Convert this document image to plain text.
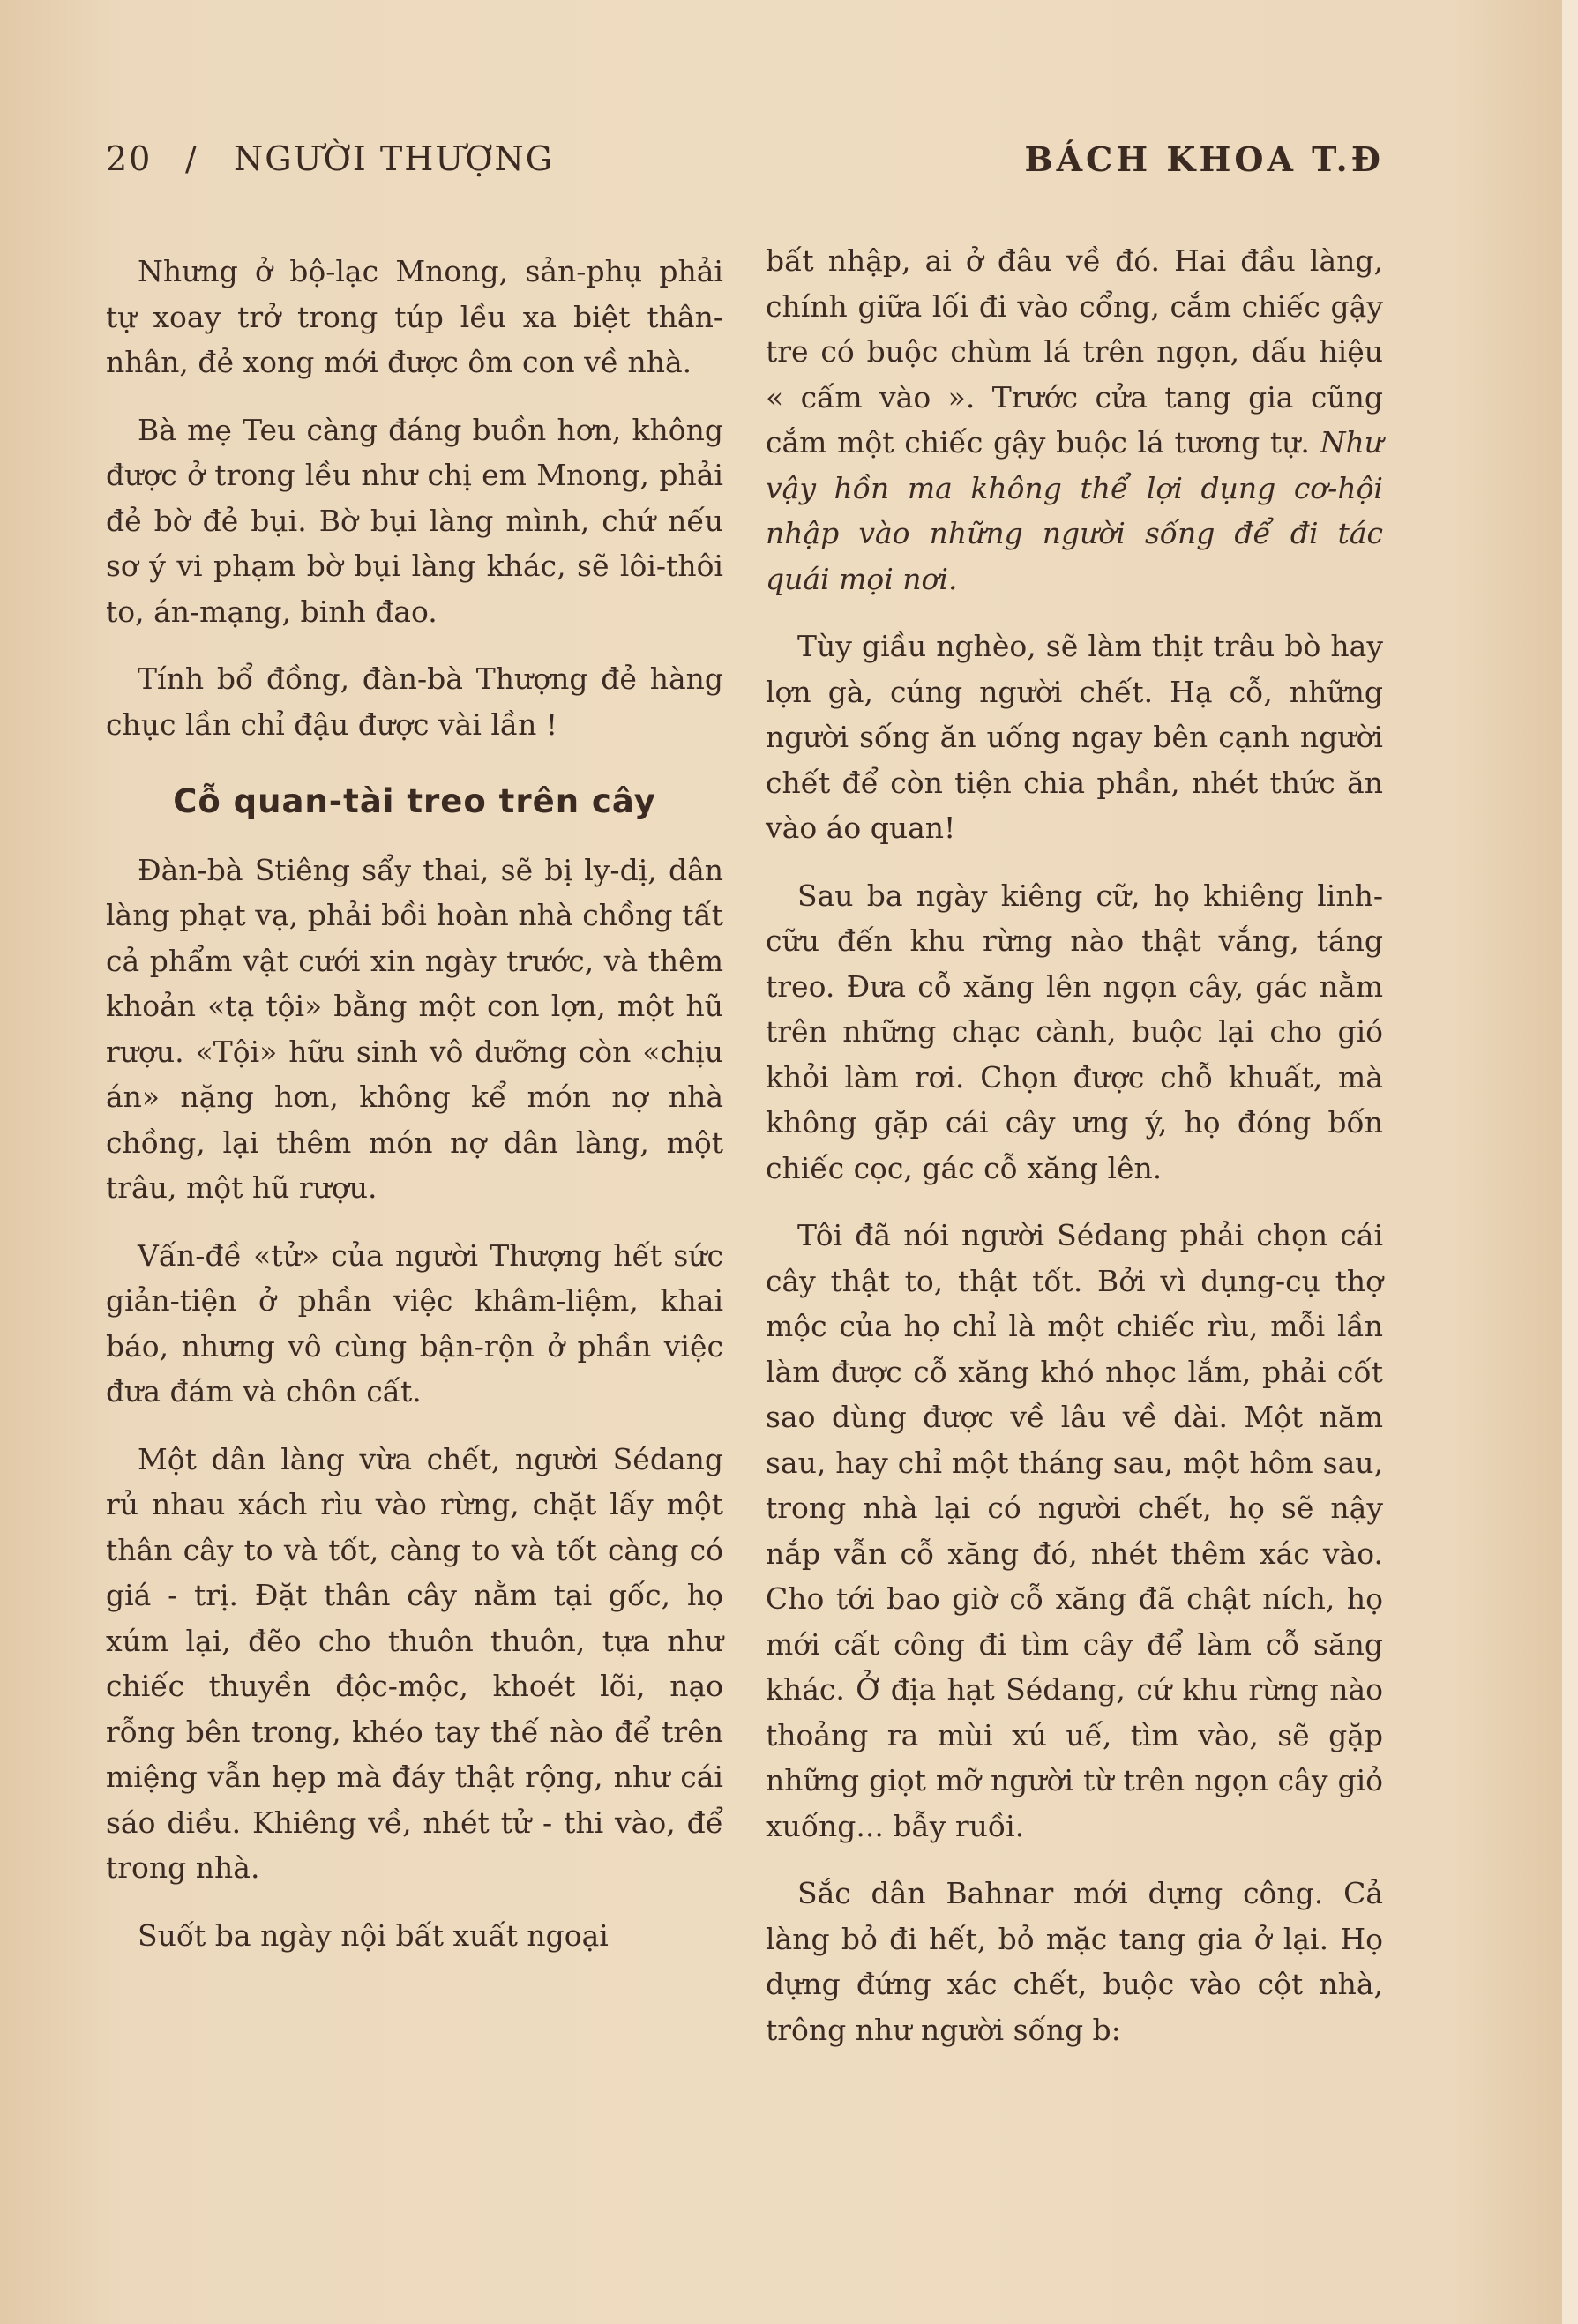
20 / NGƯỜI THƯỢNG	BÁCH KHOA T.Đ

Nhưng ở bộ-lạc Mnong, sản-phụ phải tự xoay trở trong túp lều xa biệt thân-nhân, đẻ xong mới được ôm con về nhà.

Bà mẹ Teu càng đáng buồn hơn, không được ở trong lều như chị em Mnong, phải đẻ bờ đẻ bụi. Bờ bụi làng mình, chứ nếu sơ ý vi phạm bờ bụi làng khác, sẽ lôi-thôi to, án-mạng, binh đao.

Tính bổ đồng, đàn-bà Thượng đẻ hàng chục lần chỉ đậu được vài lần !

Cỗ quan-tài treo trên cây

Đàn-bà Stiêng sẩy thai, sẽ bị ly-dị, dân làng phạt vạ, phải bồi hoàn nhà chồng tất cả phẩm vật cưới xin ngày trước, và thêm khoản «tạ tội» bằng một con lợn, một hũ rượu. «Tội» hữu sinh vô dưỡng còn «chịu án» nặng hơn, không kể món nợ nhà chồng, lại thêm món nợ dân làng, một trâu, một hũ rượu.

Vấn-đề «tử» của người Thượng hết sức giản-tiện ở phần việc khâm-liệm, khai báo, nhưng vô cùng bận-rộn ở phần việc đưa đám và chôn cất.

Một dân làng vừa chết, người Sédang rủ nhau xách rìu vào rừng, chặt lấy một thân cây to và tốt, càng to và tốt càng có giá - trị. Đặt thân cây nằm tại gốc, họ xúm lại, đẽo cho thuôn thuôn, tựa như chiếc thuyền độc-mộc, khoét lõi, nạo rỗng bên trong, khéo tay thế nào để trên miệng vẫn hẹp mà đáy thật rộng, như cái sáo diều. Khiêng về, nhét tử - thi vào, để trong nhà.

Suốt ba ngày nội bất xuất ngoại

bất nhập, ai ở đâu về đó. Hai đầu làng, chính giữa lối đi vào cổng, cắm chiếc gậy tre có buộc chùm lá trên ngọn, dấu hiệu « cấm vào ». Trước cửa tang gia cũng cắm một chiếc gậy buộc lá tương tự. Như vậy hồn ma không thể lợi dụng cơ-hội nhập vào những người sống để đi tác quái mọi nơi.

Tùy giầu nghèo, sẽ làm thịt trâu bò hay lợn gà, cúng người chết. Hạ cỗ, những người sống ăn uống ngay bên cạnh người chết để còn tiện chia phần, nhét thức ăn vào áo quan!

Sau ba ngày kiêng cữ, họ khiêng linh-cữu đến khu rừng nào thật vắng, táng treo. Đưa cỗ xăng lên ngọn cây, gác nằm trên những chạc cành, buộc lại cho gió khỏi làm rơi. Chọn được chỗ khuất, mà không gặp cái cây ưng ý, họ đóng bốn chiếc cọc, gác cỗ xăng lên.

Tôi đã nói người Sédang phải chọn cái cây thật to, thật tốt. Bởi vì dụng-cụ thợ mộc của họ chỉ là một chiếc rìu, mỗi lần làm được cỗ xăng khó nhọc lắm, phải cốt sao dùng được về lâu về dài. Một năm sau, hay chỉ một tháng sau, một hôm sau, trong nhà lại có người chết, họ sẽ nậy nắp vẫn cỗ xăng đó, nhét thêm xác vào. Cho tới bao giờ cỗ xăng đã chật ních, họ mới cất công đi tìm cây để làm cỗ săng khác. Ở địa hạt Sédang, cứ khu rừng nào thoảng ra mùi xú uế, tìm vào, sẽ gặp những giọt mỡ người từ trên ngọn cây giỏ xuống... bẫy ruồi.

Sắc dân Bahnar mới dựng công. Cả làng bỏ đi hết, bỏ mặc tang gia ở lại. Họ dựng đứng xác chết, buộc vào cột nhà, trông như người sống b:
